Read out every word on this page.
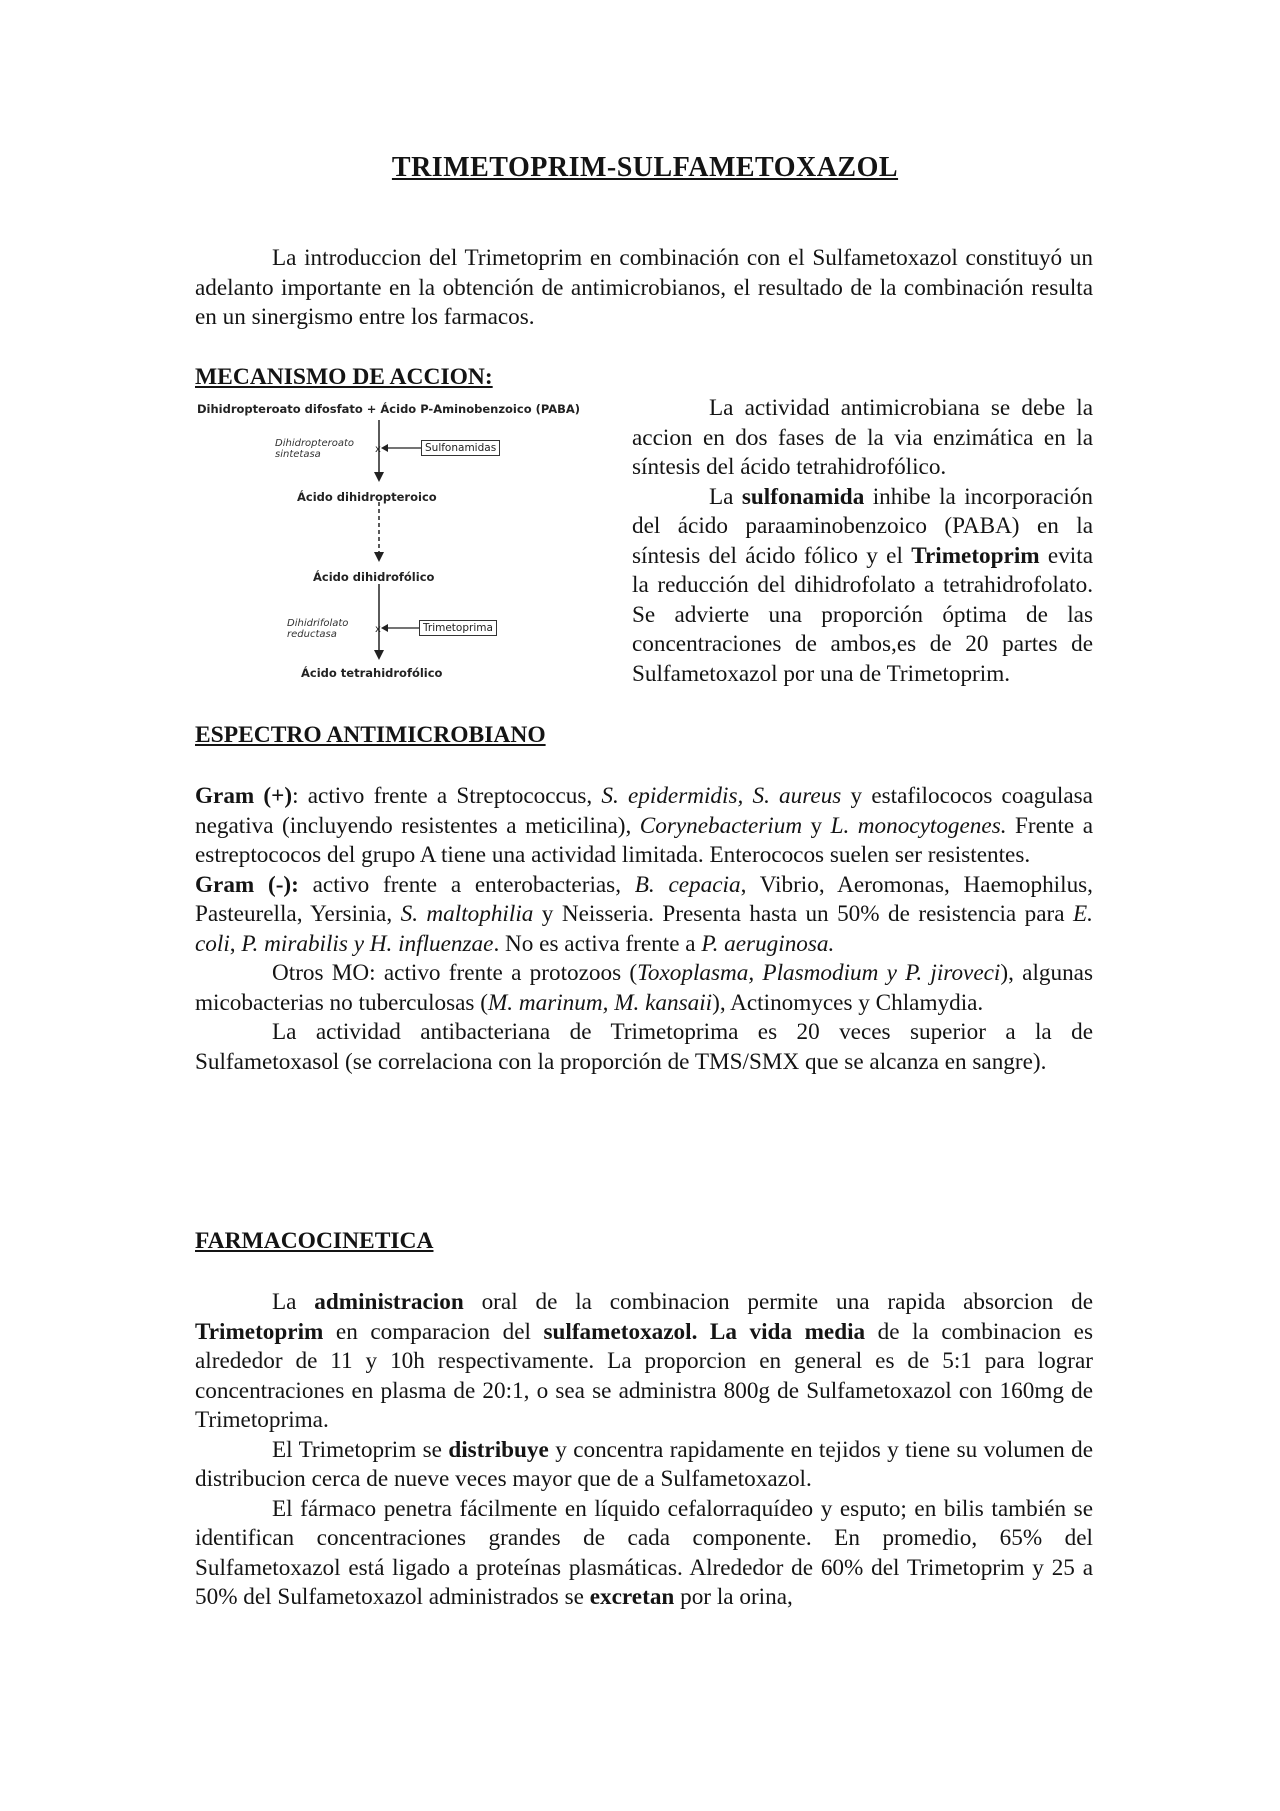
TRIMETOPRIM-SULFAMETOXAZOL

La introduccion del Trimetoprim en combinación con el Sulfametoxazol constituyó un adelanto importante en la obtención de antimicrobianos, el resultado de la combinación resulta en un sinergismo entre los farmacos.

MECANISMO DE ACCION:
x
x
Dihidropteroato difosfato + Ácido P-Aminobenzoico (PABA)
Dihidropteroato sintetasa
Sulfonamidas
Ácido dihidropteroico
Ácido dihidrofólico
Dihidrifolato reductasa
Trimetoprima
Ácido tetrahidrofólico

La actividad antimicrobiana se debe la accion en dos fases de la via enzimática en la síntesis del ácido tetrahidrofólico.

La sulfonamida inhibe la incorporación del ácido paraaminobenzoico (PABA) en la síntesis del ácido fólico y el Trimetoprim evita la reducción del dihidrofolato a tetrahidrofolato. Se advierte una proporción óptima de las concentraciones de ambos,es de 20 partes de Sulfametoxazol por una de Trimetoprim.

ESPECTRO ANTIMICROBIANO

Gram (+): activo frente a Streptococcus, S. epidermidis, S. aureus y estafilococos coagulasa negativa (incluyendo resistentes a meticilina), Corynebacterium y L. monocytogenes. Frente a estreptococos del grupo A tiene una actividad limitada. Enterococos suelen ser resistentes.

Gram (-): activo frente a enterobacterias, B. cepacia, Vibrio, Aeromonas, Haemophilus, Pasteurella, Yersinia, S. maltophilia y Neisseria. Presenta hasta un 50% de resistencia para E. coli, P. mirabilis y H. influenzae. No es activa frente a P. aeruginosa.

Otros MO: activo frente a protozoos (Toxoplasma, Plasmodium y P. jiroveci), algunas micobacterias no tuberculosas (M. marinum, M. kansaii), Actinomyces y Chlamydia.

La actividad antibacteriana de Trimetoprima es 20 veces superior a la de Sulfametoxasol (se correlaciona con la proporción de TMS/SMX que se alcanza en sangre).

FARMACOCINETICA

La administracion oral de la combinacion permite una rapida absorcion de Trimetoprim en comparacion del sulfametoxazol. La vida media de la combinacion es alrededor de 11 y 10h respectivamente. La proporcion en general es de 5:1 para lograr concentraciones en plasma de 20:1, o sea se administra 800g de Sulfametoxazol con 160mg de Trimetoprima.

El Trimetoprim se distribuye y concentra rapidamente en tejidos y tiene su volumen de distribucion cerca de nueve veces mayor que de a Sulfametoxazol.

El fármaco penetra fácilmente en líquido cefalorraquídeo y esputo; en bilis también se identifican concentraciones grandes de cada componente. En promedio, 65% del Sulfametoxazol está ligado a proteínas plasmáticas. Alrededor de 60% del Trimetoprim y 25 a 50% del Sulfametoxazol administrados se excretan por la orina,
